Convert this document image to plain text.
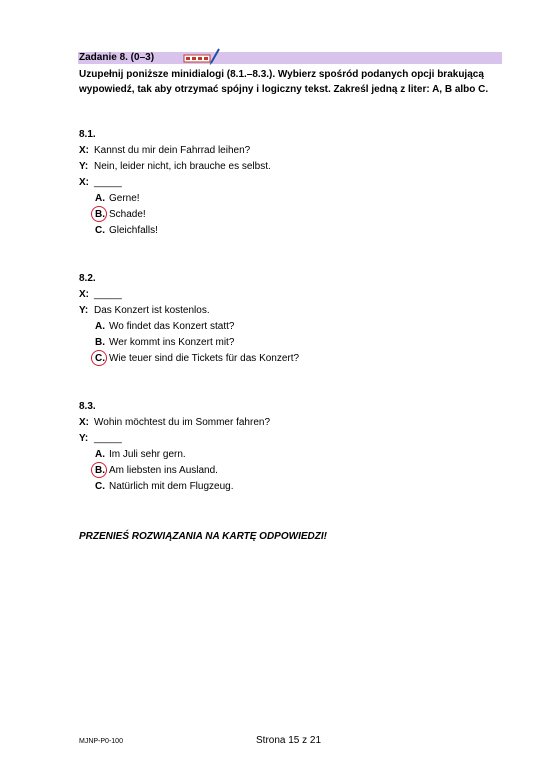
Zadanie 8. (0–3)
Uzupełnij poniższe minidialogi (8.1.–8.3.). Wybierz spośród podanych opcji brakującą wypowiedź, tak aby otrzymać spójny i logiczny tekst. Zakreśl jedną z liter: A, B albo C.
8.1.
X: Kannst du mir dein Fahrrad leihen?
Y: Nein, leider nicht, ich brauche es selbst.
X: _____
A. Gerne!
B. Schade!
C. Gleichfalls!
8.2.
X: _____
Y: Das Konzert ist kostenlos.
A. Wo findet das Konzert statt?
B. Wer kommt ins Konzert mit?
C. Wie teuer sind die Tickets für das Konzert?
8.3.
X: Wohin möchtest du im Sommer fahren?
Y: _____
A. Im Juli sehr gern.
B. Am liebsten ins Ausland.
C. Natürlich mit dem Flugzeug.
PRZENIEŚ ROZWIĄZANIA NA KARTĘ ODPOWIEDZI!
MJNP-P0-100	Strona 15 z 21
